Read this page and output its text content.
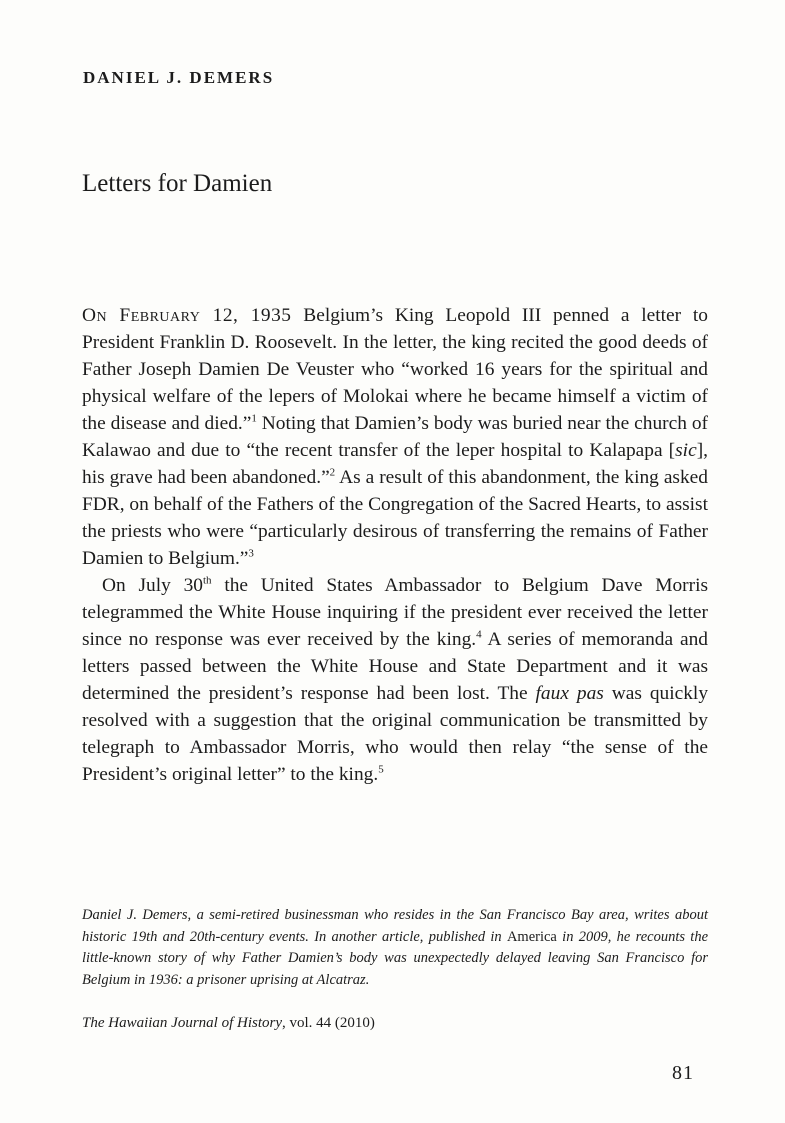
DANIEL J. DEMERS
Letters for Damien

On February 12, 1935 Belgium’s King Leopold III penned a letter to President Franklin D. Roosevelt. In the letter, the king recited the good deeds of Father Joseph Damien De Veuster who “worked 16 years for the spiritual and physical welfare of the lepers of Molokai where he became himself a victim of the disease and died.”$^1$ Noting that Damien’s body was buried near the church of Kalawao and due to “the recent transfer of the leper hospital to Kalapapa [sic], his grave had been abandoned.”$^2$ As a result of this abandonment, the king asked FDR, on behalf of the Fathers of the Congregation of the Sacred Hearts, to assist the priests who were “particularly desirous of transferring the remains of Father Damien to Belgium.”$^3$

On July 30th the United States Ambassador to Belgium Dave Morris telegrammed the White House inquiring if the president ever received the letter since no response was ever received by the king.$^4$ A series of memoranda and letters passed between the White House and State Department and it was determined the president’s response had been lost. The faux pas was quickly resolved with a suggestion that the original communication be transmitted by telegraph to Ambassador Morris, who would then relay “the sense of the President’s original letter” to the king.$^5$

Daniel J. Demers, a semi-retired businessman who resides in the San Francisco Bay area, writes about historic 19th and 20th-century events. In another article, published in America in 2009, he recounts the little-known story of why Father Damien’s body was unexpectedly delayed leaving San Francisco for Belgium in 1936: a prisoner uprising at Alcatraz.
The Hawaiian Journal of History, vol. 44 (2010)
81
